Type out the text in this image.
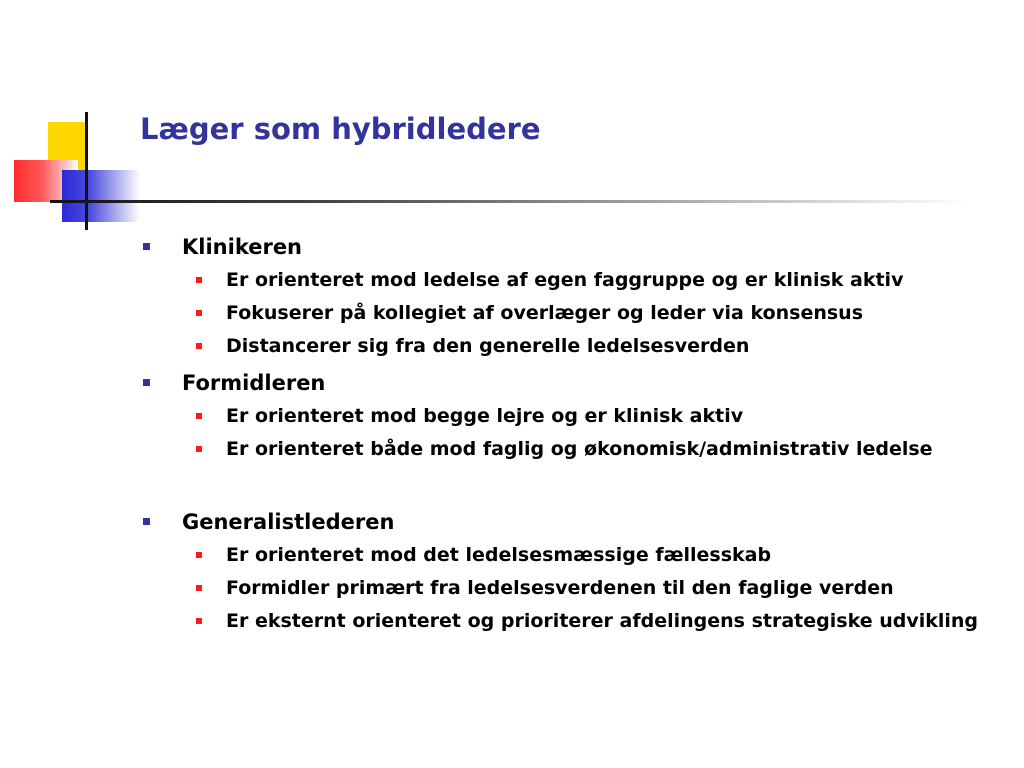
Læger som hybridledere
Klinikeren
Er orienteret mod ledelse af egen faggruppe og er klinisk aktiv
Fokuserer på kollegiet af overlæger og leder via konsensus
Distancerer sig fra den generelle ledelsesverden
Formidleren
Er orienteret mod begge lejre og er klinisk aktiv
Er orienteret både mod faglig og økonomisk/administrativ ledelse
Generalistlederen
Er orienteret mod det ledelsesmæssige fællesskab
Formidler primært fra ledelsesverdenen til den faglige verden
Er eksternt orienteret og prioriterer afdelingens strategiske udvikling
